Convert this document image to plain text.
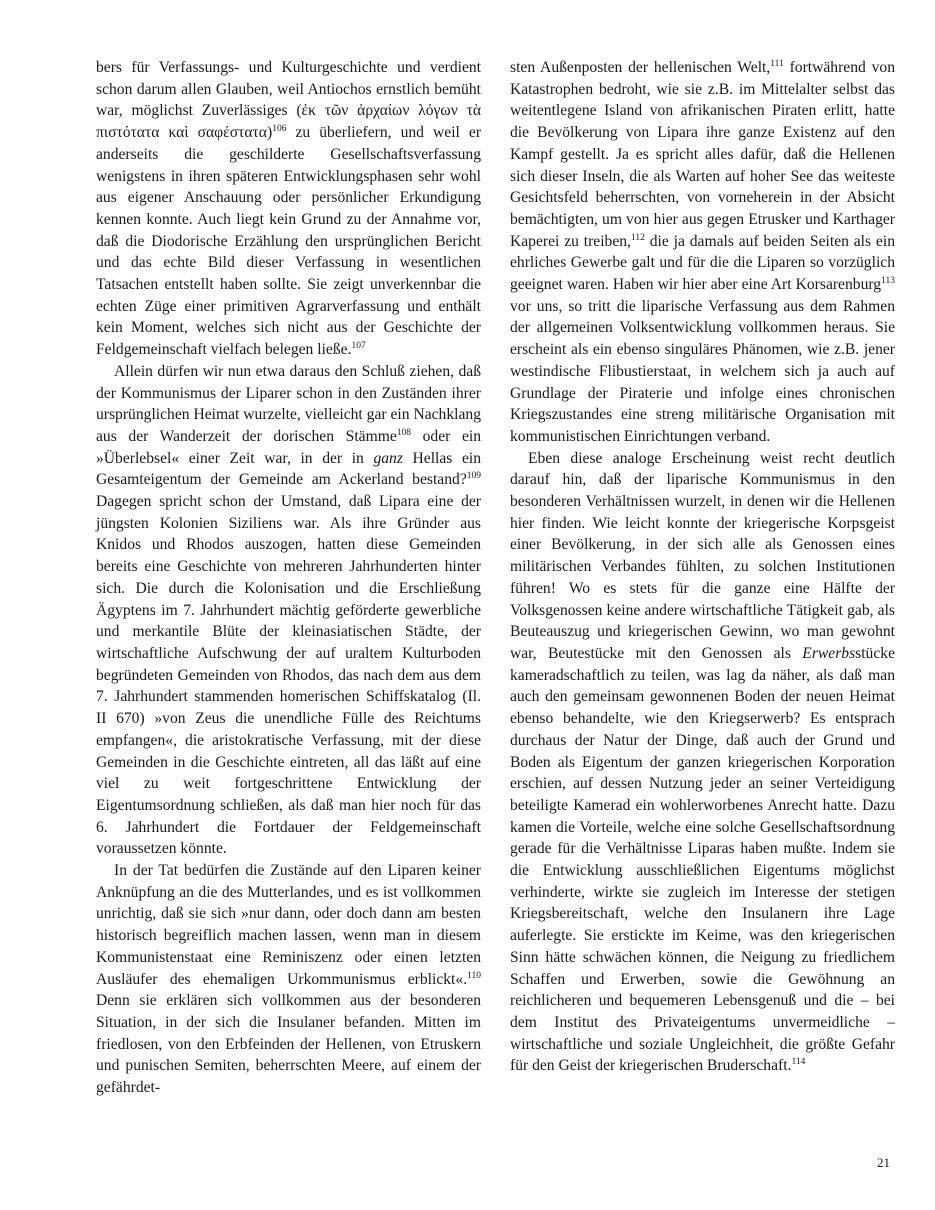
bers für Verfassungs- und Kulturgeschichte und verdient schon darum allen Glauben, weil Antiochos ernstlich bemüht war, möglichst Zuverlässiges (ἐκ τῶν ἀρχαίων λόγων τὰ πιστότατα καὶ σαφέστατα)$^{106}$ zu überliefern, und weil er anderseits die geschilderte Gesellschaftsverfassung wenigstens in ihren späteren Entwicklungsphasen sehr wohl aus eigener Anschauung oder persönlicher Erkundigung kennen konnte. Auch liegt kein Grund zu der Annahme vor, daß die Diodorische Erzählung den ursprünglichen Bericht und das echte Bild dieser Verfassung in wesentlichen Tatsachen entstellt haben sollte. Sie zeigt unverkennbar die echten Züge einer primitiven Agrarverfassung und enthält kein Moment, welches sich nicht aus der Geschichte der Feldgemeinschaft vielfach belegen ließe.$^{107}$

Allein dürfen wir nun etwa daraus den Schluß ziehen, daß der Kommunismus der Liparer schon in den Zuständen ihrer ursprünglichen Heimat wurzelte, vielleicht gar ein Nachklang aus der Wanderzeit der dorischen Stämme$^{108}$ oder ein »Überlebsel« einer Zeit war, in der in ganz Hellas ein Gesamteigentum der Gemeinde am Ackerland bestand?$^{109}$ Dagegen spricht schon der Umstand, daß Lipara eine der jüngsten Kolonien Siziliens war. Als ihre Gründer aus Knidos und Rhodos auszogen, hatten diese Gemeinden bereits eine Geschichte von mehreren Jahrhunderten hinter sich. Die durch die Kolonisation und die Erschließung Ägyptens im 7. Jahrhundert mächtig geförderte gewerbliche und merkantile Blüte der kleinasiatischen Städte, der wirtschaftliche Aufschwung der auf uraltem Kulturboden begründeten Gemeinden von Rhodos, das nach dem aus dem 7. Jahrhundert stammenden homerischen Schiffskatalog (Il. II 670) »von Zeus die unendliche Fülle des Reichtums empfangen«, die aristokratische Verfassung, mit der diese Gemeinden in die Geschichte eintreten, all das läßt auf eine viel zu weit fortgeschrittene Entwicklung der Eigentumsordnung schließen, als daß man hier noch für das 6. Jahrhundert die Fortdauer der Feldgemeinschaft voraussetzen könnte.

In der Tat bedürfen die Zustände auf den Liparen keiner Anknüpfung an die des Mutterlandes, und es ist vollkommen unrichtig, daß sie sich »nur dann, oder doch dann am besten historisch begreiflich machen lassen, wenn man in diesem Kommunistenstaat eine Reminiszenz oder einen letzten Ausläufer des ehemaligen Urkommunismus erblickt«.$^{110}$ Denn sie erklären sich vollkommen aus der besonderen Situation, in der sich die Insulaner befanden. Mitten im friedlosen, von den Erbfeinden der Hellenen, von Etruskern und punischen Semiten, beherrschten Meere, auf einem der gefährdet-

sten Außenposten der hellenischen Welt,$^{111}$ fortwährend von Katastrophen bedroht, wie sie z.B. im Mittelalter selbst das weitentlegene Island von afrikanischen Piraten erlitt, hatte die Bevölkerung von Lipara ihre ganze Existenz auf den Kampf gestellt. Ja es spricht alles dafür, daß die Hellenen sich dieser Inseln, die als Warten auf hoher See das weiteste Gesichtsfeld beherrschten, von vorneherein in der Absicht bemächtigten, um von hier aus gegen Etrusker und Karthager Kaperei zu treiben,$^{112}$ die ja damals auf beiden Seiten als ein ehrliches Gewerbe galt und für die die Liparen so vorzüglich geeignet waren. Haben wir hier aber eine Art Korsarenburg$^{113}$ vor uns, so tritt die liparische Verfassung aus dem Rahmen der allgemeinen Volksentwicklung vollkommen heraus. Sie erscheint als ein ebenso singuläres Phänomen, wie z.B. jener westindische Flibustierstaat, in welchem sich ja auch auf Grundlage der Piraterie und infolge eines chronischen Kriegszustandes eine streng militärische Organisation mit kommunistischen Einrichtungen verband.

Eben diese analoge Erscheinung weist recht deutlich darauf hin, daß der liparische Kommunismus in den besonderen Verhältnissen wurzelt, in denen wir die Hellenen hier finden. Wie leicht konnte der kriegerische Korpsgeist einer Bevölkerung, in der sich alle als Genossen eines militärischen Verbandes fühlten, zu solchen Institutionen führen! Wo es stets für die ganze eine Hälfte der Volksgenossen keine andere wirtschaftliche Tätigkeit gab, als Beuteauszug und kriegerischen Gewinn, wo man gewohnt war, Beutestücke mit den Genossen als Erwerbsstücke kameradschaftlich zu teilen, was lag da näher, als daß man auch den gemeinsam gewonnenen Boden der neuen Heimat ebenso behandelte, wie den Kriegserwerb? Es entsprach durchaus der Natur der Dinge, daß auch der Grund und Boden als Eigentum der ganzen kriegerischen Korporation erschien, auf dessen Nutzung jeder an seiner Verteidigung beteiligte Kamerad ein wohlerworbenes Anrecht hatte. Dazu kamen die Vorteile, welche eine solche Gesellschaftsordnung gerade für die Verhältnisse Liparas haben mußte. Indem sie die Entwicklung ausschließlichen Eigentums möglichst verhinderte, wirkte sie zugleich im Interesse der stetigen Kriegsbereitschaft, welche den Insulanern ihre Lage auferlegte. Sie erstickte im Keime, was den kriegerischen Sinn hätte schwächen können, die Neigung zu friedlichem Schaffen und Erwerben, sowie die Gewöhnung an reichlicheren und bequemeren Lebensgenuß und die – bei dem Institut des Privateigentums unvermeidliche – wirtschaftliche und soziale Ungleichheit, die größte Gefahr für den Geist der kriegerischen Bruderschaft.$^{114}$

21
